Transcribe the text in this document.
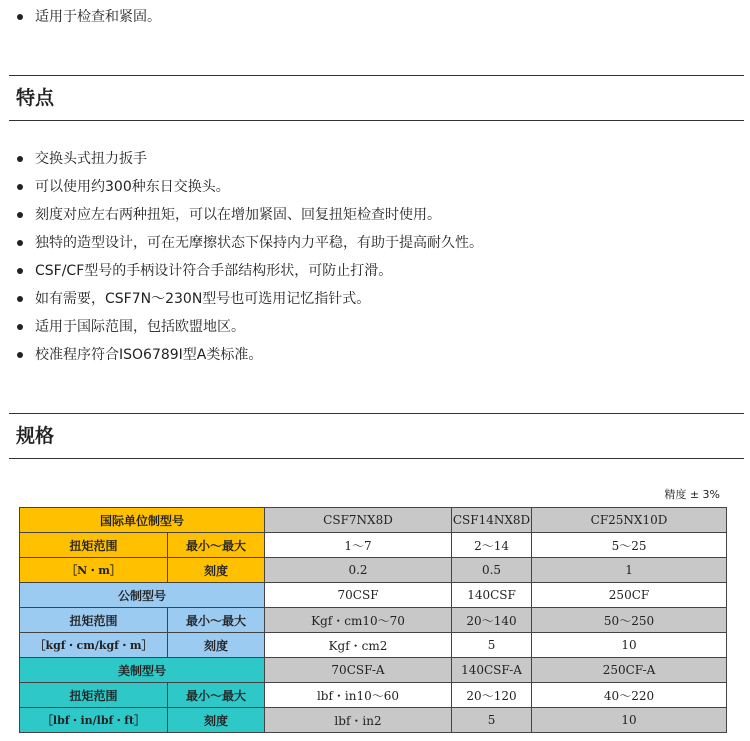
适用于检查和紧固。
特点
交换头式扭力扳手
可以使用约300种东日交换头。
刻度对应左右两种扭矩，可以在增加紧固、回复扭矩检查时使用。
独特的造型设计，可在无摩擦状态下保持内力平稳，有助于提高耐久性。
CSF/CF型号的手柄设计符合手部结构形状，可防止打滑。
如有需要，CSF7N～230N型号也可选用记忆指针式。
适用于国际范围，包括欧盟地区。
校准程序符合ISO6789I型A类标准。
规格
精度 ± 3%
国际单位制型号		CSF7NX8D	CSF14NX8D	CF25NX10D
扭矩范围	最小～最大	1～7	2～14	5～25
［N・m］	刻度	0.2	0.5	1
公制型号		70CSF	140CSF	250CF
扭矩范围	最小～最大	Kgf・cm10～70	20～140	50～250
［kgf・cm/kgf・m］	刻度	Kgf・cm2	5	10
美制型号		70CSF-A	140CSF-A	250CF-A
扭矩范围	最小～最大	lbf・in10～60	20～120	40～220
［lbf・in/lbf・ft］	刻度	lbf・in2	5	10
